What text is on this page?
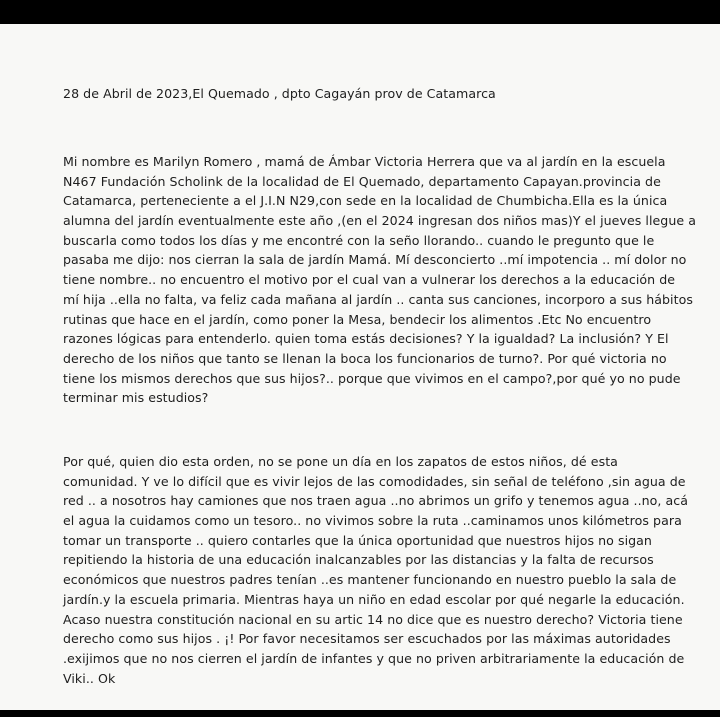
28 de Abril de 2023,El Quemado , dpto Cagayán prov de Catamarca
Mi nombre es Marilyn Romero , mamá de Ámbar Victoria Herrera que va al jardín en la escuela
N467 Fundación Scholink de la localidad de El Quemado, departamento Capayan.provincia de
Catamarca, perteneciente a el J.I.N N29,con sede en la localidad de Chumbicha.Ella es la única
alumna del jardín eventualmente este año ,(en el 2024 ingresan dos niños mas)Y el jueves llegue a
buscarla como todos los días y me encontré con la seño llorando.. cuando le pregunto que le
pasaba me dijo: nos cierran la sala de jardín Mamá. Mí desconcierto ..mí impotencia .. mí dolor no
tiene nombre.. no encuentro el motivo por el cual van a vulnerar los derechos a la educación de
mí hija ..ella no falta, va feliz cada mañana al jardín .. canta sus canciones, incorporo a sus hábitos
rutinas que hace en el jardín, como poner la Mesa, bendecir los alimentos .Etc No encuentro
razones lógicas para entenderlo. quien toma estás decisiones? Y la igualdad? La inclusión? Y El
derecho de los niños que tanto se llenan la boca los funcionarios de turno?. Por qué victoria no
tiene los mismos derechos que sus hijos?.. porque que vivimos en el campo?,por qué yo no pude
terminar mis estudios?
Por qué, quien dio esta orden, no se pone un día en los zapatos de estos niños, dé esta
comunidad. Y ve lo difícil que es vivir lejos de las comodidades, sin señal de teléfono ,sin agua de
red .. a nosotros hay camiones que nos traen agua ..no abrimos un grifo y tenemos agua ..no, acá
el agua la cuidamos como un tesoro.. no vivimos sobre la ruta ..caminamos unos kilómetros para
tomar un transporte .. quiero contarles que la única oportunidad que nuestros hijos no sigan
repitiendo la historia de una educación inalcanzables por las distancias y la falta de recursos
económicos que nuestros padres tenían ..es mantener funcionando en nuestro pueblo la sala de
jardín.y la escuela primaria. Mientras haya un niño en edad escolar por qué negarle la educación.
Acaso nuestra constitución nacional en su artic 14 no dice que es nuestro derecho? Victoria tiene
derecho como sus hijos . ¡! Por favor necesitamos ser escuchados por las máximas autoridades
.exijimos que no nos cierren el jardín de infantes y que no priven arbitrariamente la educación de
Viki.. Ok
